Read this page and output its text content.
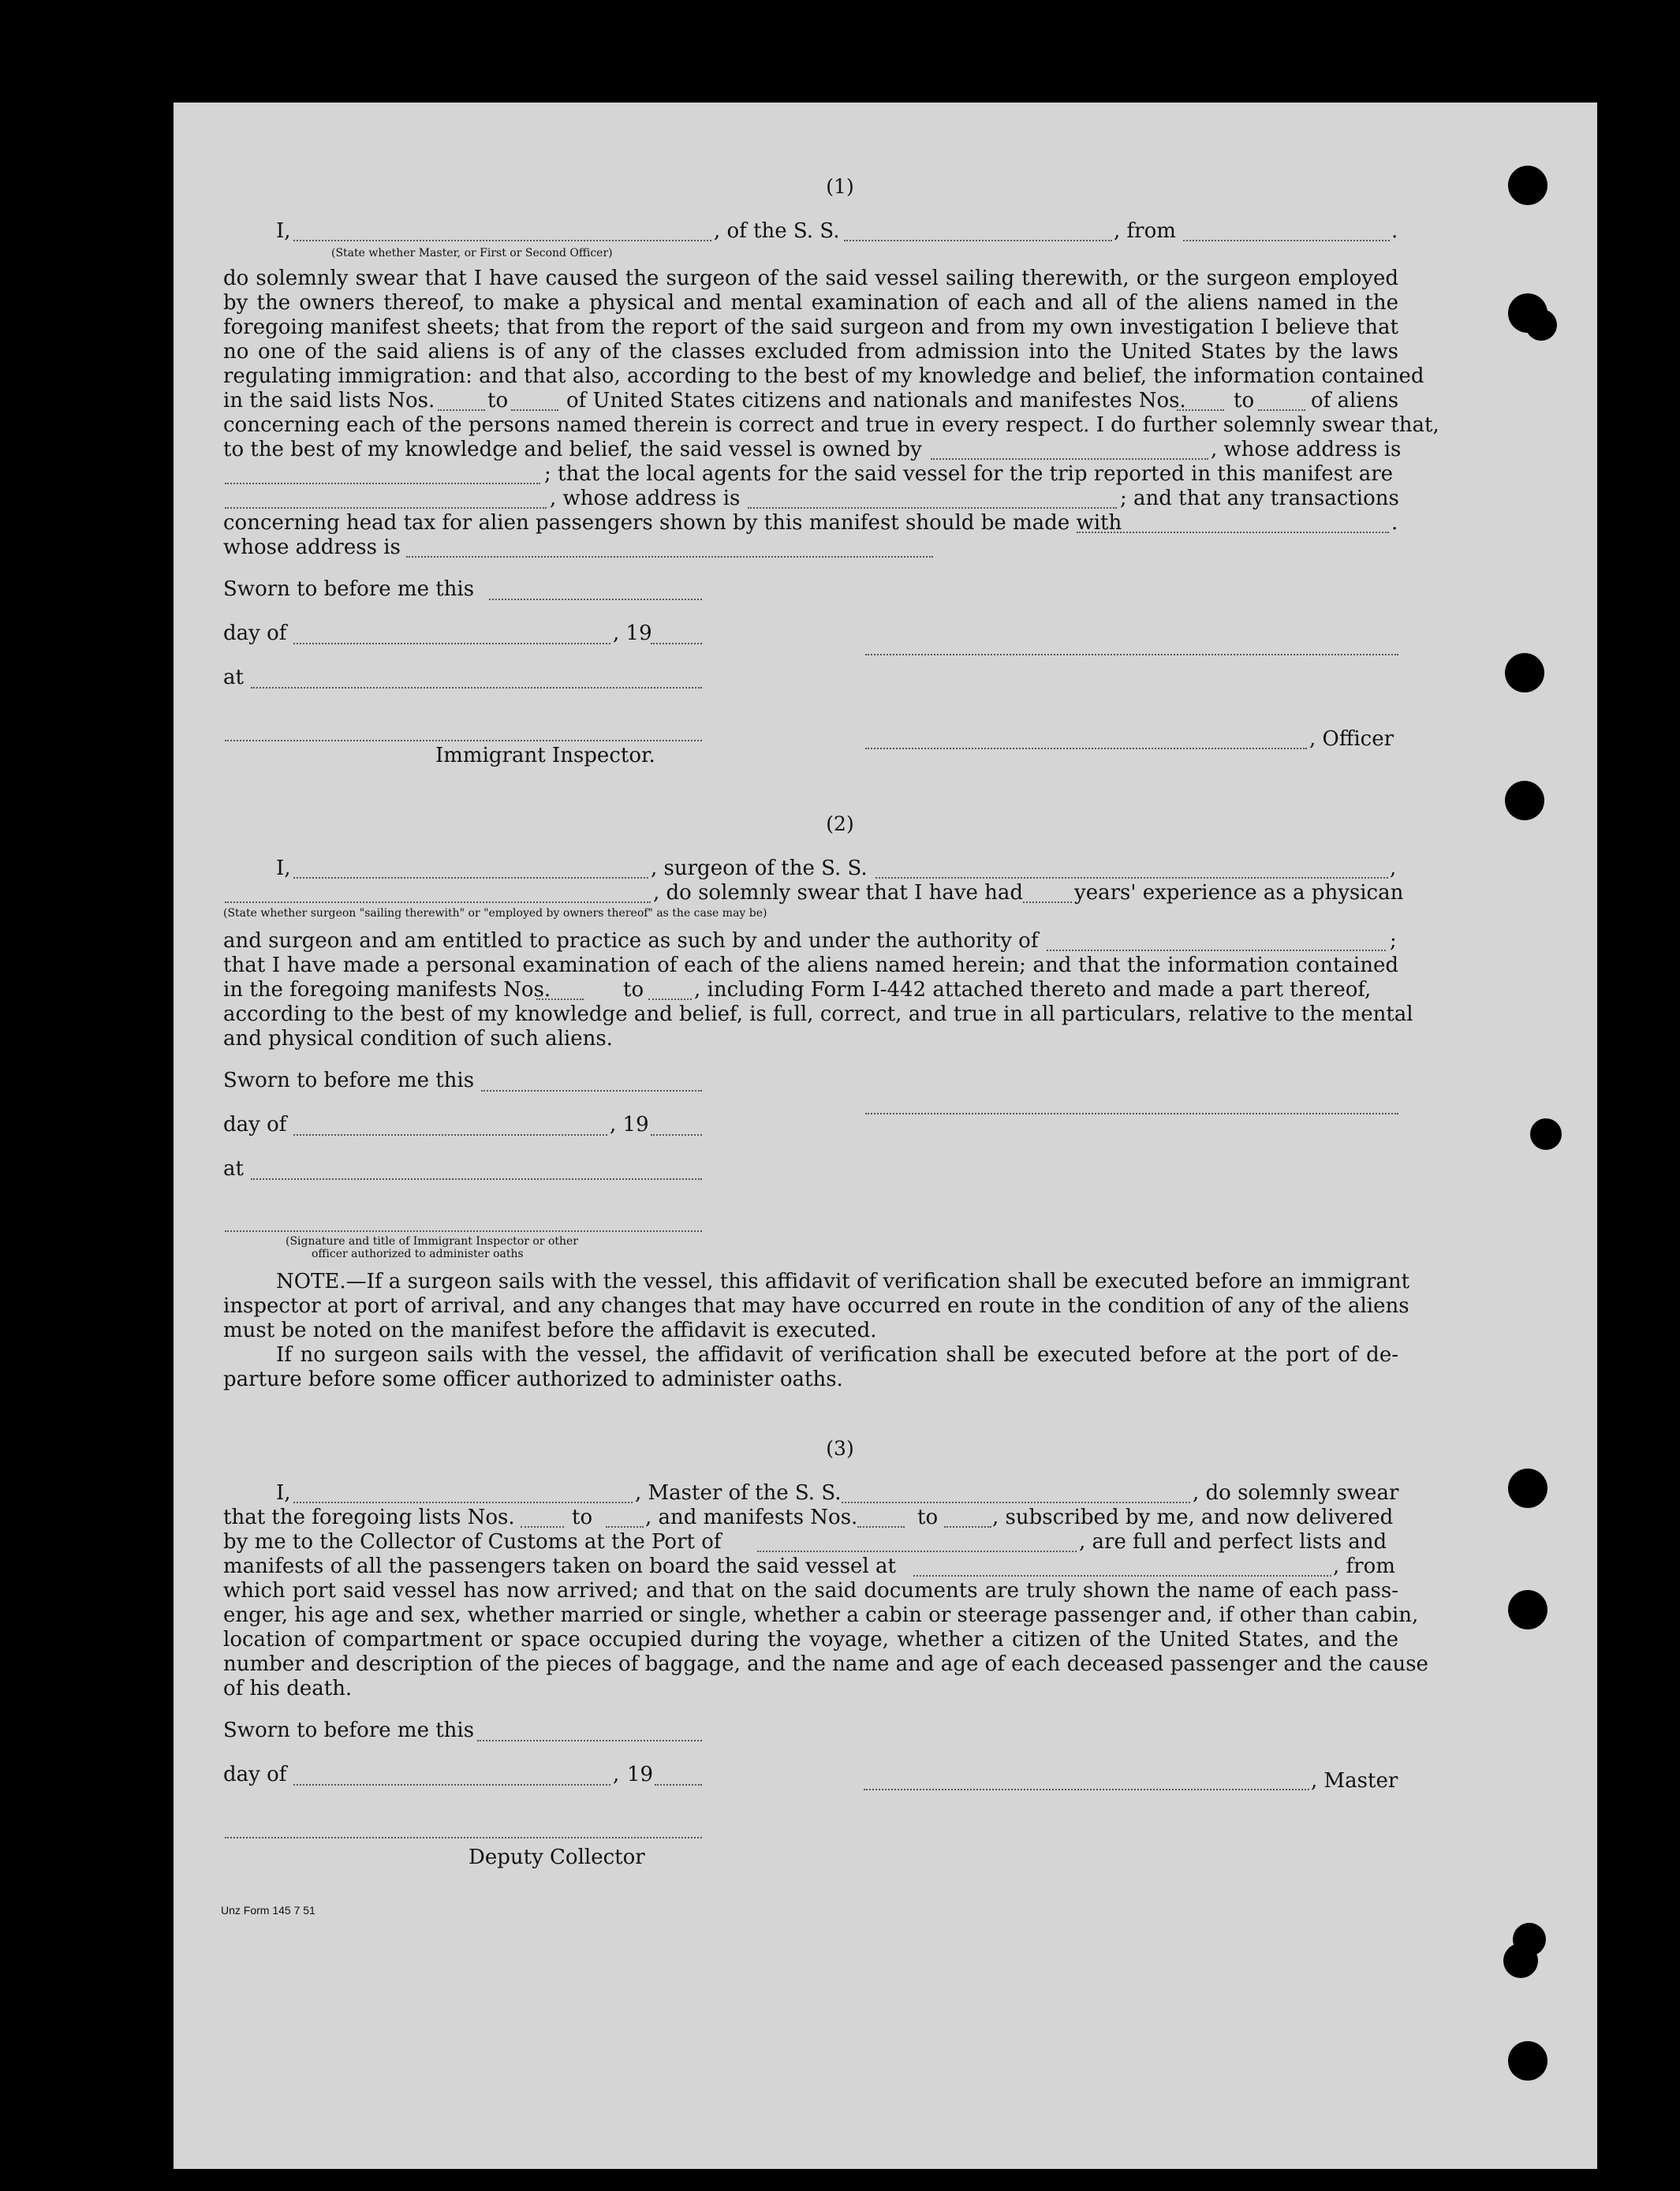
(1)
I,	, of the S. S.	, from	.
(State whether Master, or First or Second Officer)
do solemnly swear that I have caused the surgeon of the said vessel sailing therewith, or the surgeon employed
by the owners thereof, to make a physical and mental examination of each and all of the aliens named in the
foregoing manifest sheets; that from the report of the said surgeon and from my own investigation I believe that
no one of the said aliens is of any of the classes excluded from admission into the United States by the laws
regulating immigration: and that also, according to the best of my knowledge and belief, the information contained
in the said lists Nos.	to	of United States citizens and nationals and manifestes Nos. to	of aliens
concerning each of the persons named therein is correct and true in every respect. I do further solemnly swear that,
to the best of my knowledge and belief, the said vessel is owned by	, whose address is
; that the local agents for the said vessel for the trip reported in this manifest are
, whose address is	; and that any transactions
concerning head tax for alien passengers shown by this manifest should be made with	.
whose address is
Sworn to before me this
day of	, 19
at
Immigrant Inspector.
, Officer
(2)
I,	, surgeon of the S. S.	,
, do solemnly swear that I have had years' experience as a physican
(State whether surgeon "sailing therewith" or "employed by owners thereof" as the case may be)
and surgeon and am entitled to practice as such by and under the authority of	;
that I have made a personal examination of each of the aliens named herein; and that the information contained
in the foregoing manifests Nos.	to , including Form I-442 attached thereto and made a part thereof,
according to the best of my knowledge and belief, is full, correct, and true in all particulars, relative to the mental
and physical condition of such aliens.
Sworn to before me this
day of	, 19
at
(Signature and title of Immigrant Inspector or other
officer authorized to administer oaths
NOTE.—If a surgeon sails with the vessel, this affidavit of verification shall be executed before an immigrant
inspector at port of arrival, and any changes that may have occurred en route in the condition of any of the aliens
must be noted on the manifest before the affidavit is executed.
If no surgeon sails with the vessel, the affidavit of verification shall be executed before at the port of de-
parture before some officer authorized to administer oaths.
(3)
I,	, Master of the S. S.	, do solemnly swear
that the foregoing lists Nos.	to	, and manifests Nos.	to	, subscribed by me, and now delivered
by me to the Collector of Customs at the Port of	, are full and perfect lists and
manifests of all the passengers taken on board the said vessel at	, from
which port said vessel has now arrived; and that on the said documents are truly shown the name of each pass-
enger, his age and sex, whether married or single, whether a cabin or steerage passenger and, if other than cabin,
location of compartment or space occupied during the voyage, whether a citizen of the United States, and the
number and description of the pieces of baggage, and the name and age of each deceased passenger and the cause
of his death.
Sworn to before me this
day of	, 19	, Master
Deputy Collector
Unz Form 145 7 51
